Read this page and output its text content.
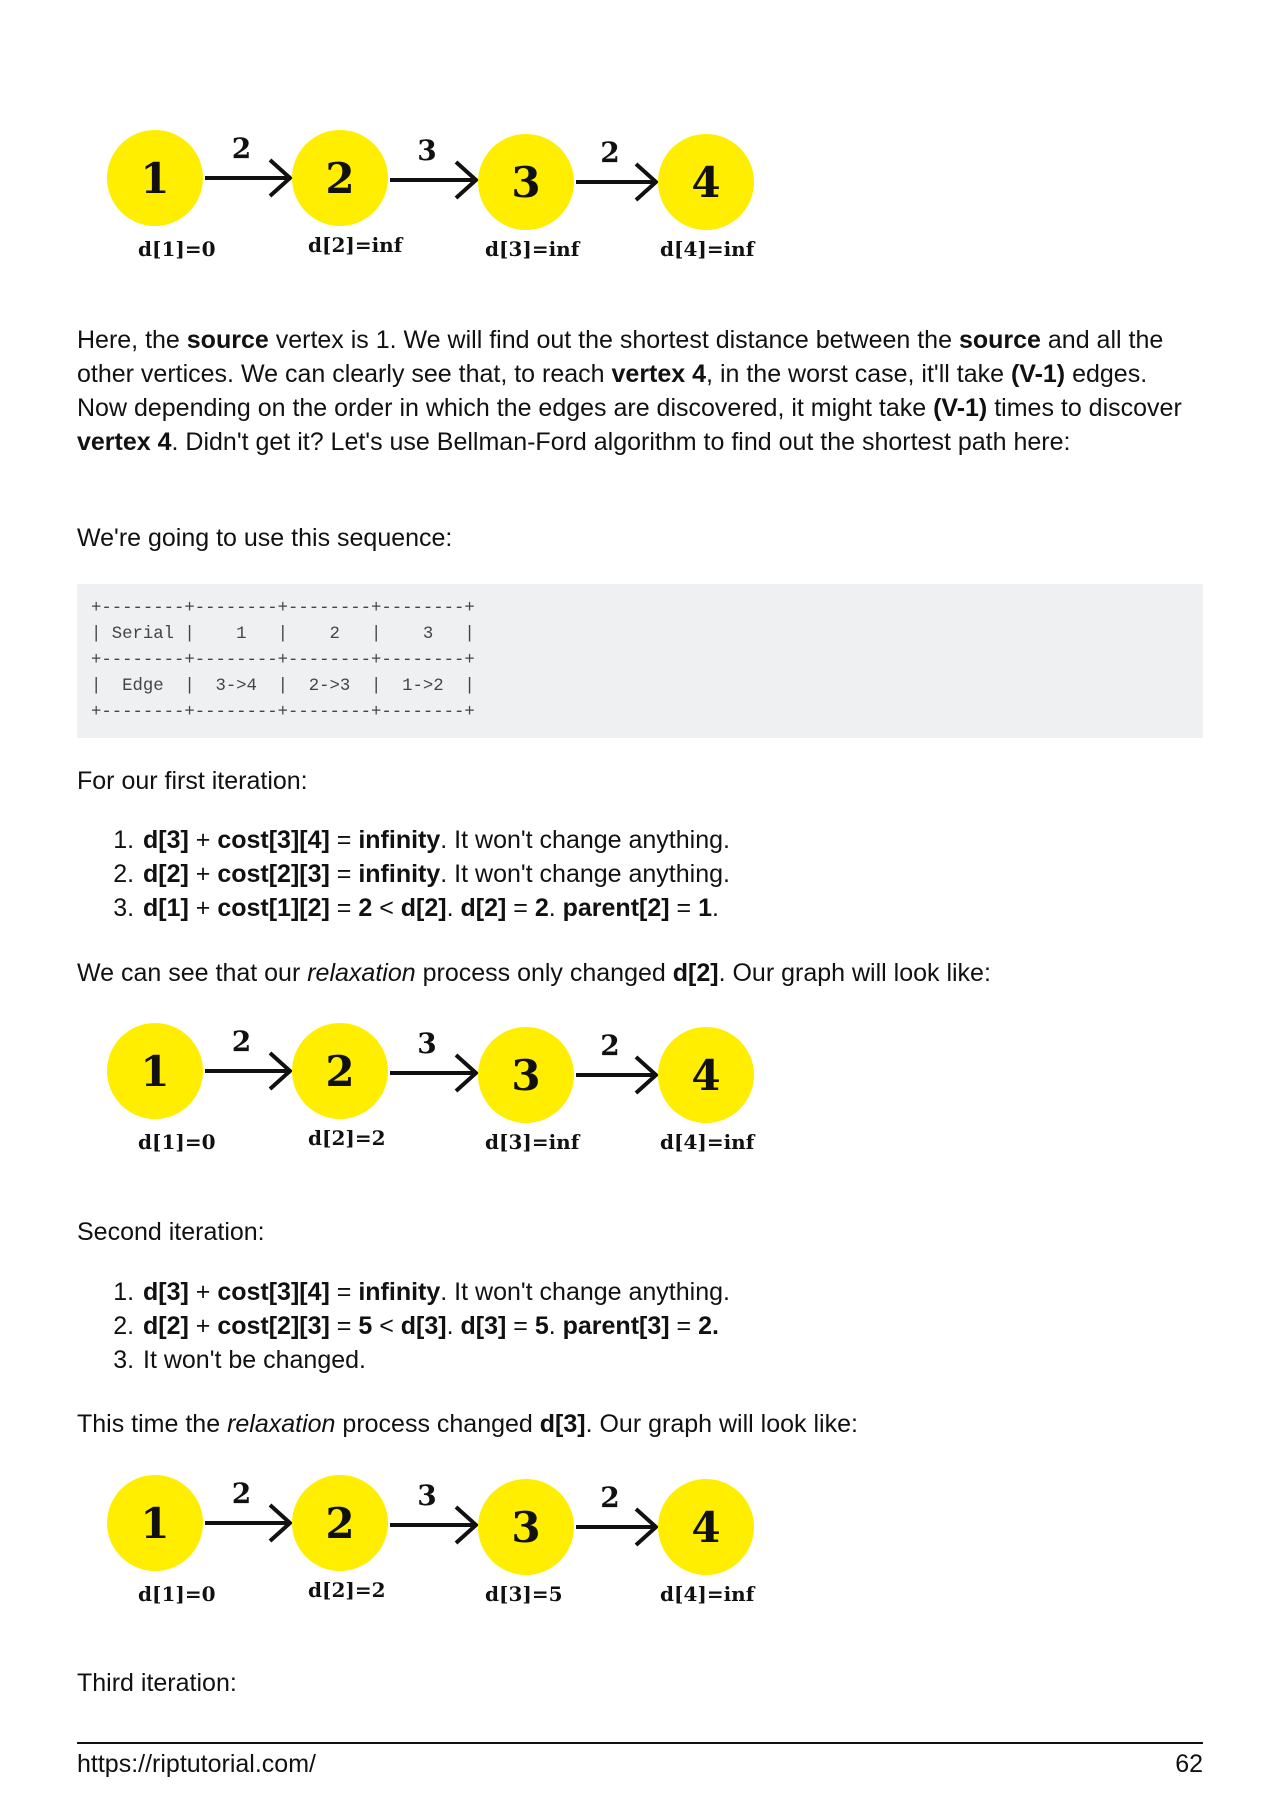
2	3	2
1
d[1]=0
2
d[2]=inf
3
d[3]=inf
4
d[4]=inf

Here, the source vertex is 1. We will find out the shortest distance between the source and all the other vertices. We can clearly see that, to reach vertex 4, in the worst case, it'll take (V-1) edges. Now depending on the order in which the edges are discovered, it might take (V-1) times to discover vertex 4. Didn't get it? Let's use Bellman-Ford algorithm to find out the shortest path here:

We're going to use this sequence:

+--------+--------+--------+--------+
| Serial |    1   |    2   |    3   |
+--------+--------+--------+--------+
|  Edge  |  3->4  |  2->3  |  1->2  |
+--------+--------+--------+--------+

For our first iteration:

1. d[3] + cost[3][4] = infinity. It won't change anything.
2. d[2] + cost[2][3] = infinity. It won't change anything.
3. d[1] + cost[1][2] = 2 < d[2]. d[2] = 2. parent[2] = 1.

We can see that our relaxation process only changed d[2]. Our graph will look like:

2	3	2
1
d[1]=0
2
d[2]=2
3
d[3]=inf
4
d[4]=inf

Second iteration:

1. d[3] + cost[3][4] = infinity. It won't change anything.
2. d[2] + cost[2][3] = 5 < d[3]. d[3] = 5. parent[3] = 2.
3. It won't be changed.

This time the relaxation process changed d[3]. Our graph will look like:

2	3	2
1
d[1]=0
2
d[2]=2
3
d[3]=5
4
d[4]=inf

Third iteration:

https://riptutorial.com/	62
